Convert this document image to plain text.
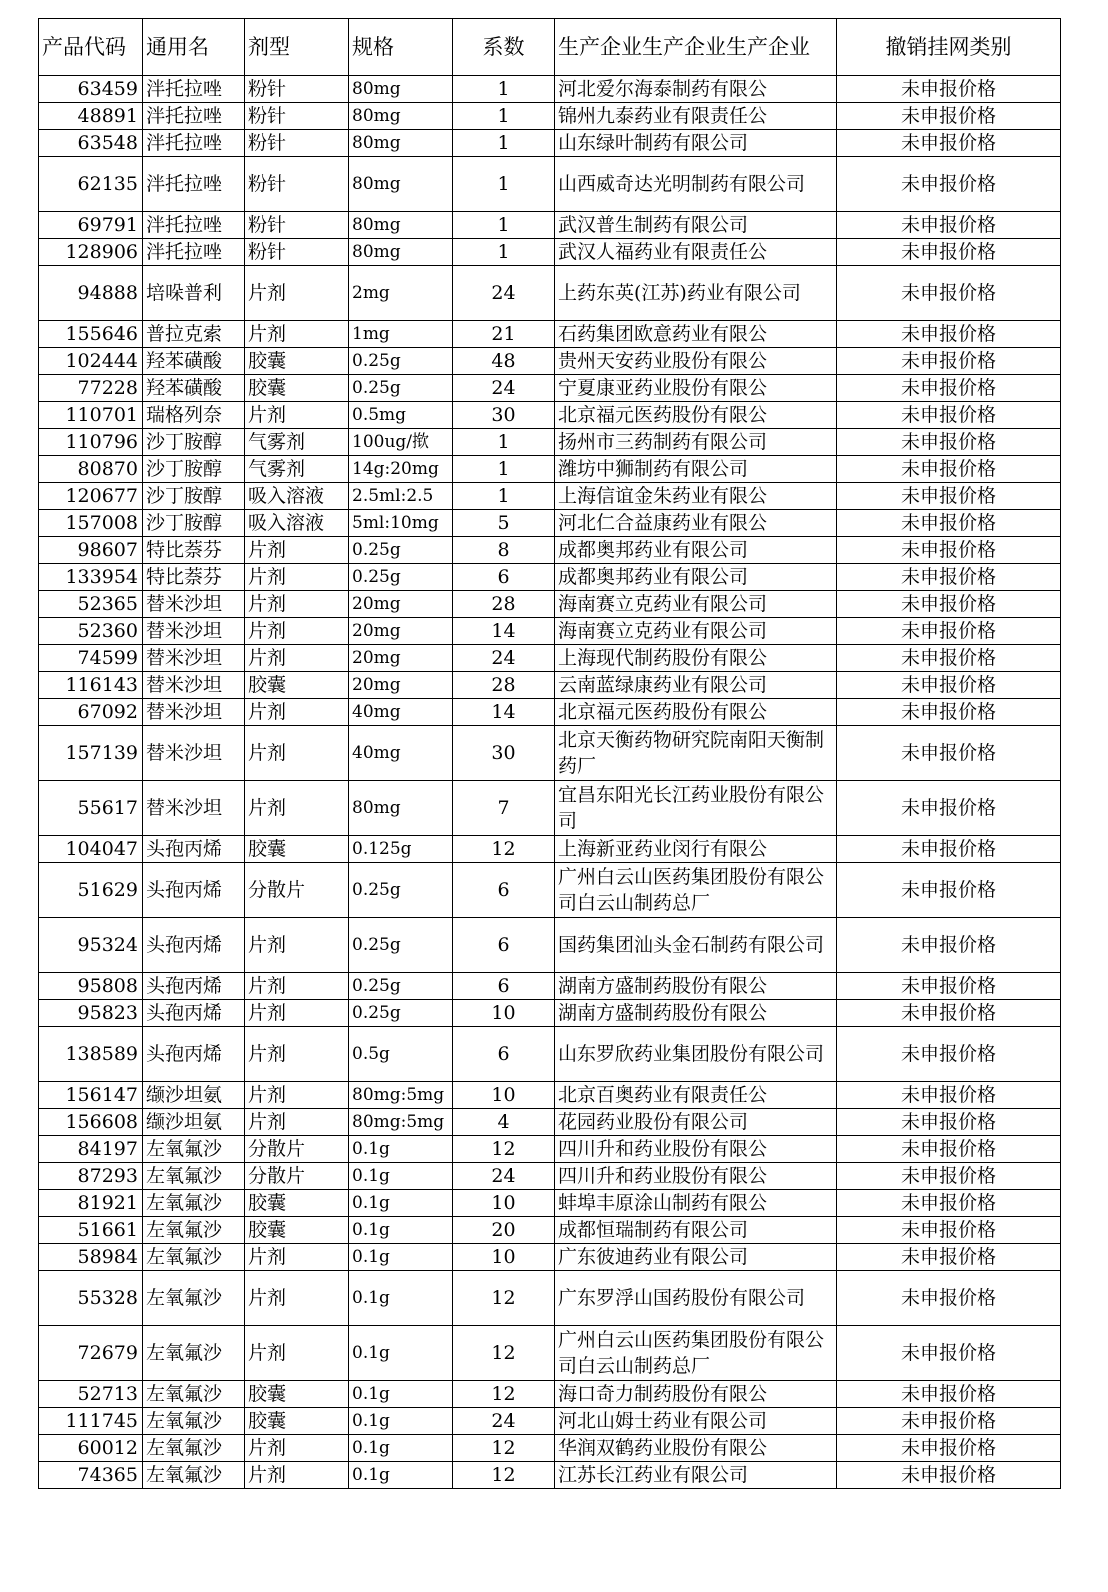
产品代码	通用名	剂型	规格	系数	生产企业生产企业生产企业	撤销挂网类别
63459	泮托拉唑	粉针	80mg	1	河北爱尔海泰制药有限公	未申报价格
48891	泮托拉唑	粉针	80mg	1	锦州九泰药业有限责任公	未申报价格
63548	泮托拉唑	粉针	80mg	1	山东绿叶制药有限公司	未申报价格
62135	泮托拉唑	粉针	80mg	1	山西威奇达光明制药有限公司	未申报价格
69791	泮托拉唑	粉针	80mg	1	武汉普生制药有限公司	未申报价格
128906	泮托拉唑	粉针	80mg	1	武汉人福药业有限责任公	未申报价格
94888	培哚普利	片剂	2mg	24	上药东英(江苏)药业有限公司	未申报价格
155646	普拉克索	片剂	1mg	21	石药集团欧意药业有限公	未申报价格
102444	羟苯磺酸	胶囊	0.25g	48	贵州天安药业股份有限公	未申报价格
77228	羟苯磺酸	胶囊	0.25g	24	宁夏康亚药业股份有限公	未申报价格
110701	瑞格列奈	片剂	0.5mg	30	北京福元医药股份有限公	未申报价格
110796	沙丁胺醇	气雾剂	100ug/揿	1	扬州市三药制药有限公司	未申报价格
80870	沙丁胺醇	气雾剂	14g:20mg	1	潍坊中狮制药有限公司	未申报价格
120677	沙丁胺醇	吸入溶液	2.5ml:2.5	1	上海信谊金朱药业有限公	未申报价格
157008	沙丁胺醇	吸入溶液	5ml:10mg	5	河北仁合益康药业有限公	未申报价格
98607	特比萘芬	片剂	0.25g	8	成都奥邦药业有限公司	未申报价格
133954	特比萘芬	片剂	0.25g	6	成都奥邦药业有限公司	未申报价格
52365	替米沙坦	片剂	20mg	28	海南赛立克药业有限公司	未申报价格
52360	替米沙坦	片剂	20mg	14	海南赛立克药业有限公司	未申报价格
74599	替米沙坦	片剂	20mg	24	上海现代制药股份有限公	未申报价格
116143	替米沙坦	胶囊	20mg	28	云南蓝绿康药业有限公司	未申报价格
67092	替米沙坦	片剂	40mg	14	北京福元医药股份有限公	未申报价格
157139	替米沙坦	片剂	40mg	30	北京天衡药物研究院南阳天衡制药厂	未申报价格
55617	替米沙坦	片剂	80mg	7	宜昌东阳光长江药业股份有限公司	未申报价格
104047	头孢丙烯	胶囊	0.125g	12	上海新亚药业闵行有限公	未申报价格
51629	头孢丙烯	分散片	0.25g	6	广州白云山医药集团股份有限公司白云山制药总厂	未申报价格
95324	头孢丙烯	片剂	0.25g	6	国药集团汕头金石制药有限公司	未申报价格
95808	头孢丙烯	片剂	0.25g	6	湖南方盛制药股份有限公	未申报价格
95823	头孢丙烯	片剂	0.25g	10	湖南方盛制药股份有限公	未申报价格
138589	头孢丙烯	片剂	0.5g	6	山东罗欣药业集团股份有限公司	未申报价格
156147	缬沙坦氨	片剂	80mg:5mg	10	北京百奥药业有限责任公	未申报价格
156608	缬沙坦氨	片剂	80mg:5mg	4	花园药业股份有限公司	未申报价格
84197	左氧氟沙	分散片	0.1g	12	四川升和药业股份有限公	未申报价格
87293	左氧氟沙	分散片	0.1g	24	四川升和药业股份有限公	未申报价格
81921	左氧氟沙	胶囊	0.1g	10	蚌埠丰原涂山制药有限公	未申报价格
51661	左氧氟沙	胶囊	0.1g	20	成都恒瑞制药有限公司	未申报价格
58984	左氧氟沙	片剂	0.1g	10	广东彼迪药业有限公司	未申报价格
55328	左氧氟沙	片剂	0.1g	12	广东罗浮山国药股份有限公司	未申报价格
72679	左氧氟沙	片剂	0.1g	12	广州白云山医药集团股份有限公司白云山制药总厂	未申报价格
52713	左氧氟沙	胶囊	0.1g	12	海口奇力制药股份有限公	未申报价格
111745	左氧氟沙	胶囊	0.1g	24	河北山姆士药业有限公司	未申报价格
60012	左氧氟沙	片剂	0.1g	12	华润双鹤药业股份有限公	未申报价格
74365	左氧氟沙	片剂	0.1g	12	江苏长江药业有限公司	未申报价格
